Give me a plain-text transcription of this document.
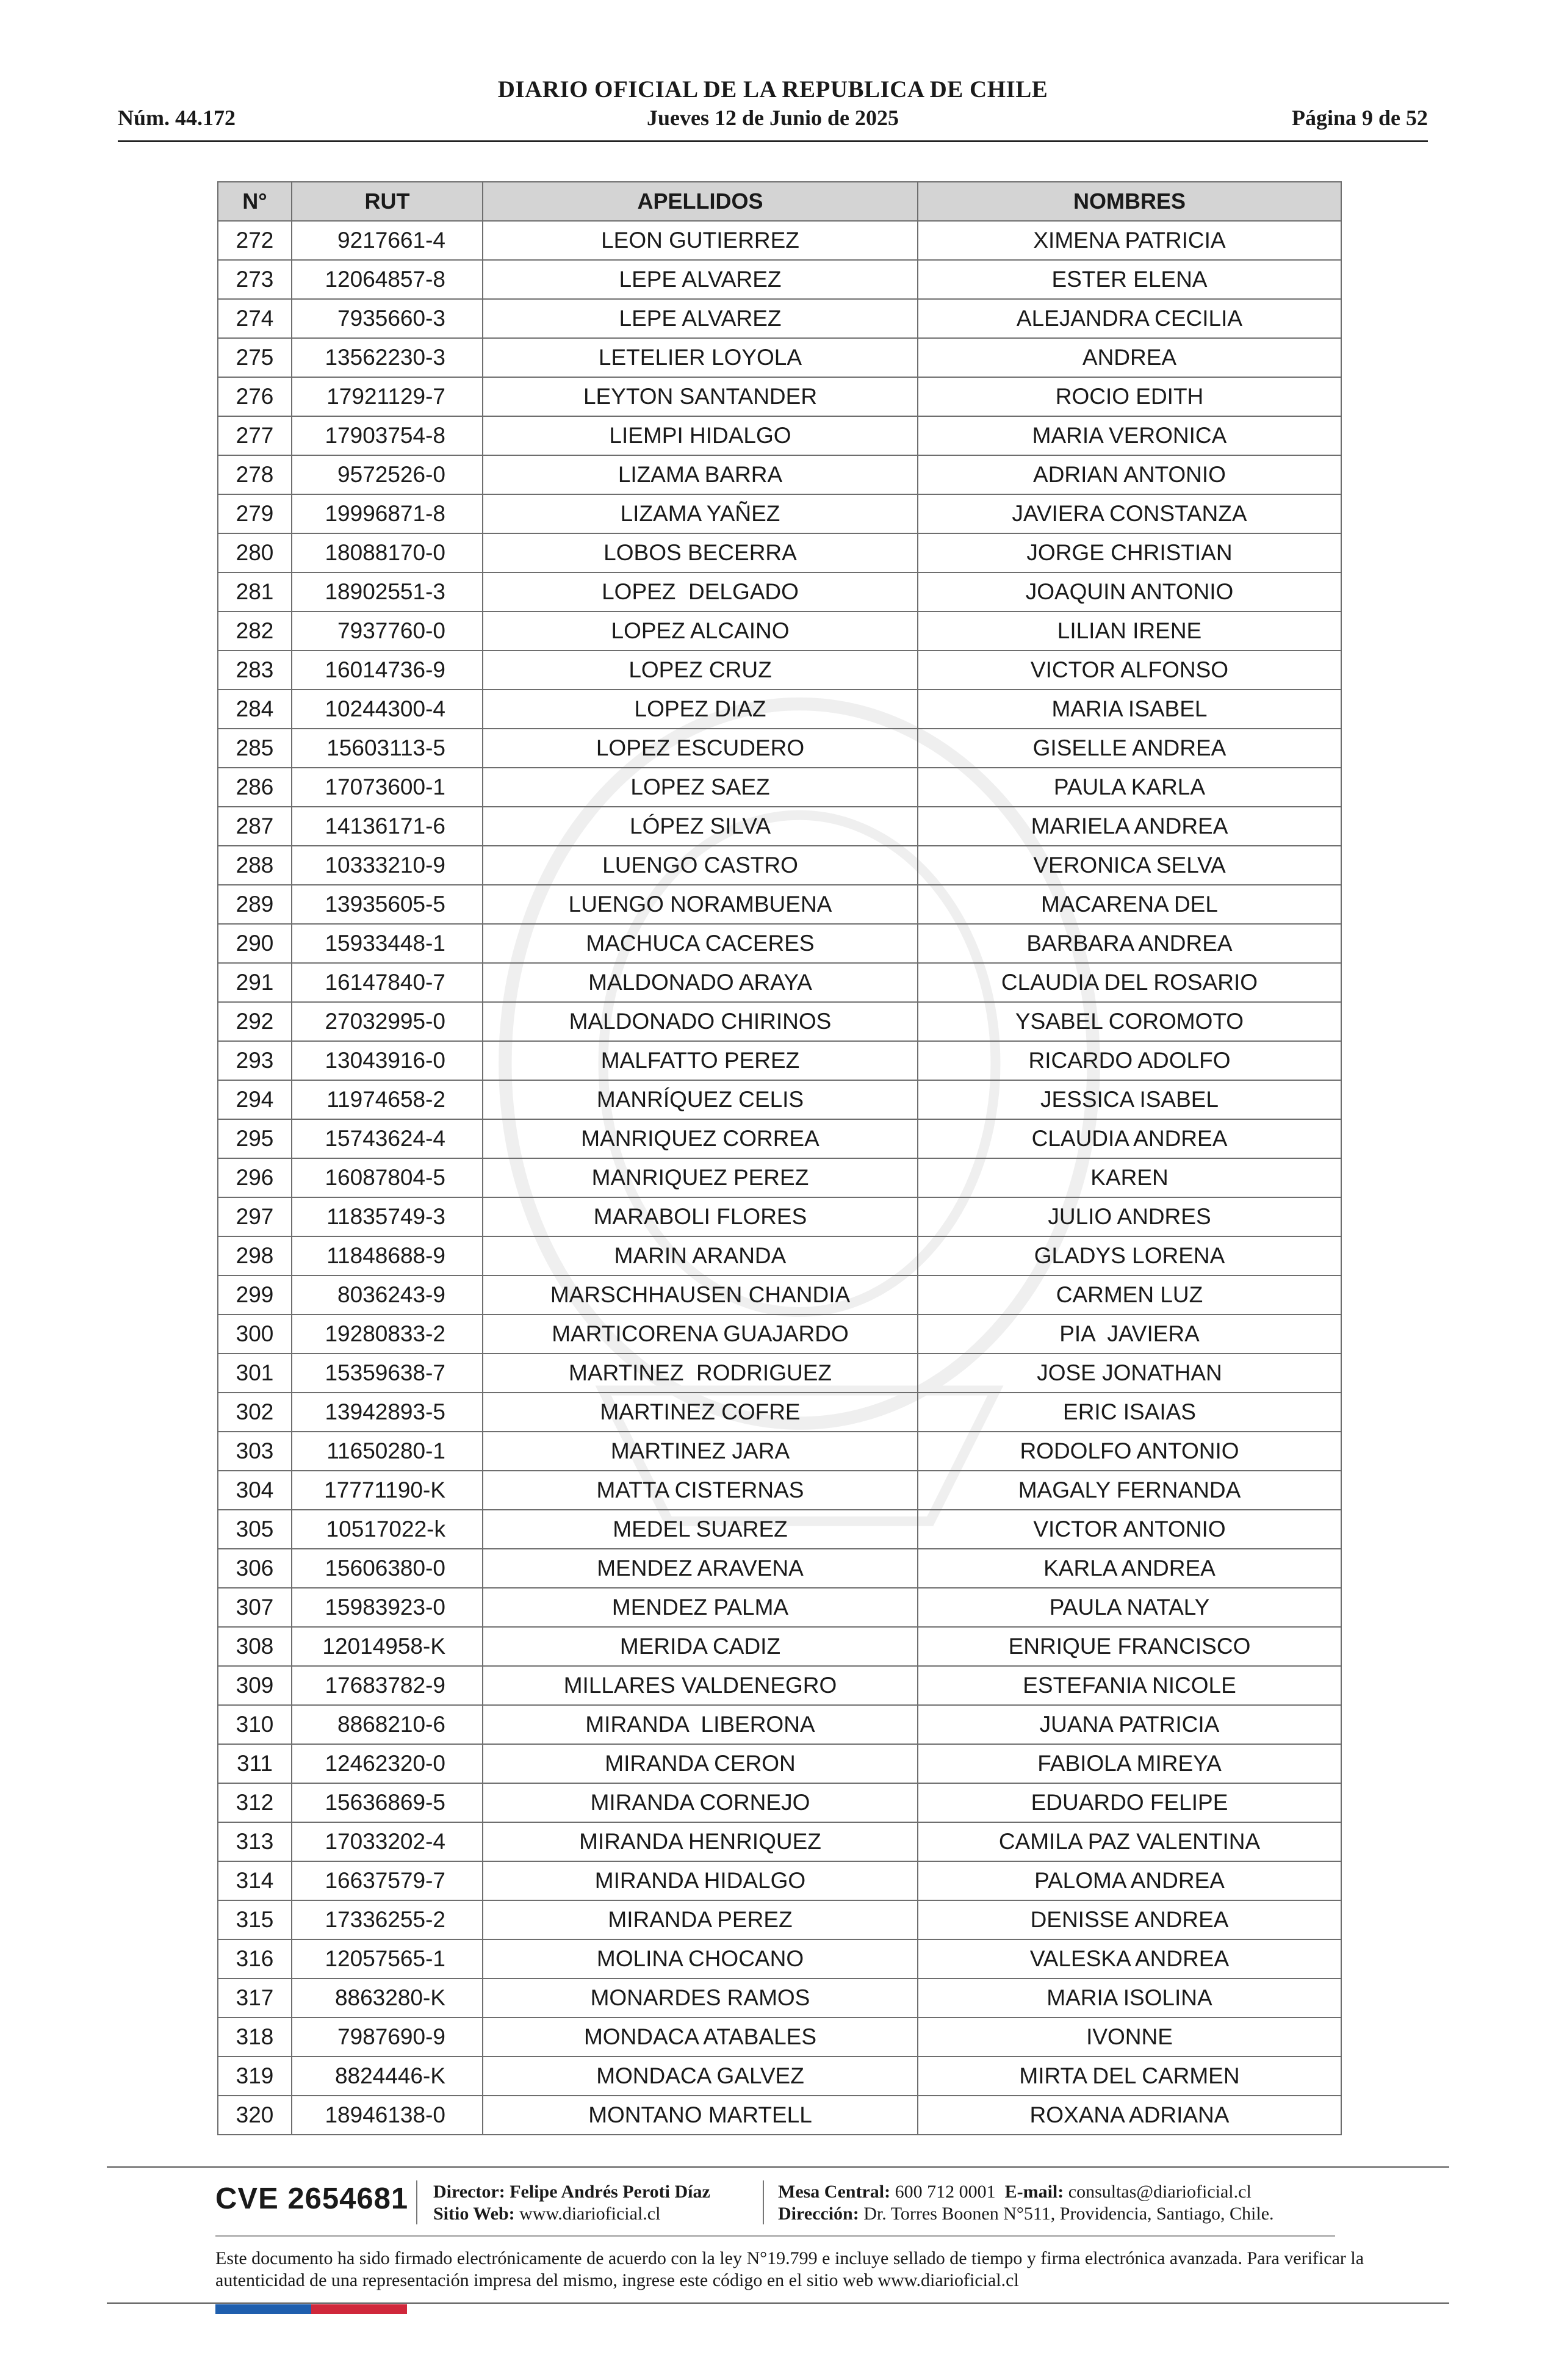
DIARIO OFICIAL DE LA REPUBLICA DE CHILE
Núm. 44.172	Jueves 12 de Junio de 2025	Página 9 de 52
N°	RUT	APELLIDOS	NOMBRES
272	9217661-4	LEON GUTIERREZ	XIMENA PATRICIA
273	12064857-8	LEPE ALVAREZ	ESTER ELENA
274	7935660-3	LEPE ALVAREZ	ALEJANDRA CECILIA
275	13562230-3	LETELIER LOYOLA	ANDREA
276	17921129-7	LEYTON SANTANDER	ROCIO EDITH
277	17903754-8	LIEMPI HIDALGO	MARIA VERONICA
278	9572526-0	LIZAMA BARRA	ADRIAN ANTONIO
279	19996871-8	LIZAMA YAÑEZ	JAVIERA CONSTANZA
280	18088170-0	LOBOS BECERRA	JORGE CHRISTIAN
281	18902551-3	LOPEZ  DELGADO	JOAQUIN ANTONIO
282	7937760-0	LOPEZ ALCAINO	LILIAN IRENE
283	16014736-9	LOPEZ CRUZ	VICTOR ALFONSO
284	10244300-4	LOPEZ DIAZ	MARIA ISABEL
285	15603113-5	LOPEZ ESCUDERO	GISELLE ANDREA
286	17073600-1	LOPEZ SAEZ	PAULA KARLA
287	14136171-6	LÓPEZ SILVA	MARIELA ANDREA
288	10333210-9	LUENGO CASTRO	VERONICA SELVA
289	13935605-5	LUENGO NORAMBUENA	MACARENA DEL
290	15933448-1	MACHUCA CACERES	BARBARA ANDREA
291	16147840-7	MALDONADO ARAYA	CLAUDIA DEL ROSARIO
292	27032995-0	MALDONADO CHIRINOS	YSABEL COROMOTO
293	13043916-0	MALFATTO PEREZ	RICARDO ADOLFO
294	11974658-2	MANRÍQUEZ CELIS	JESSICA ISABEL
295	15743624-4	MANRIQUEZ CORREA	CLAUDIA ANDREA
296	16087804-5	MANRIQUEZ PEREZ	KAREN
297	11835749-3	MARABOLI FLORES	JULIO ANDRES
298	11848688-9	MARIN ARANDA	GLADYS LORENA
299	8036243-9	MARSCHHAUSEN CHANDIA	CARMEN LUZ
300	19280833-2	MARTICORENA GUAJARDO	PIA  JAVIERA
301	15359638-7	MARTINEZ  RODRIGUEZ	JOSE JONATHAN
302	13942893-5	MARTINEZ COFRE	ERIC ISAIAS
303	11650280-1	MARTINEZ JARA	RODOLFO ANTONIO
304	17771190-K	MATTA CISTERNAS	MAGALY FERNANDA
305	10517022-k	MEDEL SUAREZ	VICTOR ANTONIO
306	15606380-0	MENDEZ ARAVENA	KARLA ANDREA
307	15983923-0	MENDEZ PALMA	PAULA NATALY
308	12014958-K	MERIDA CADIZ	ENRIQUE FRANCISCO
309	17683782-9	MILLARES VALDENEGRO	ESTEFANIA NICOLE
310	8868210-6	MIRANDA  LIBERONA	JUANA PATRICIA
311	12462320-0	MIRANDA CERON	FABIOLA MIREYA
312	15636869-5	MIRANDA CORNEJO	EDUARDO FELIPE
313	17033202-4	MIRANDA HENRIQUEZ	CAMILA PAZ VALENTINA
314	16637579-7	MIRANDA HIDALGO	PALOMA ANDREA
315	17336255-2	MIRANDA PEREZ	DENISSE ANDREA
316	12057565-1	MOLINA CHOCANO	VALESKA ANDREA
317	8863280-K	MONARDES RAMOS	MARIA ISOLINA
318	7987690-9	MONDACA ATABALES	IVONNE
319	8824446-K	MONDACA GALVEZ	MIRTA DEL CARMEN
320	18946138-0	MONTANO MARTELL	ROXANA ADRIANA
CVE 2654681 Director: Felipe Andrés Peroti Díaz
Sitio Web: www.diarioficial.cl
Mesa Central: 600 712 0001 E-mail: consultas@diarioficial.cl
Dirección: Dr. Torres Boonen N°511, Providencia, Santiago, Chile.
Este documento ha sido firmado electrónicamente de acuerdo con la ley N°19.799 e incluye sellado de tiempo y firma electrónica avanzada. Para verificar la autenticidad de una representación impresa del mismo, ingrese este código en el sitio web www.diarioficial.cl
